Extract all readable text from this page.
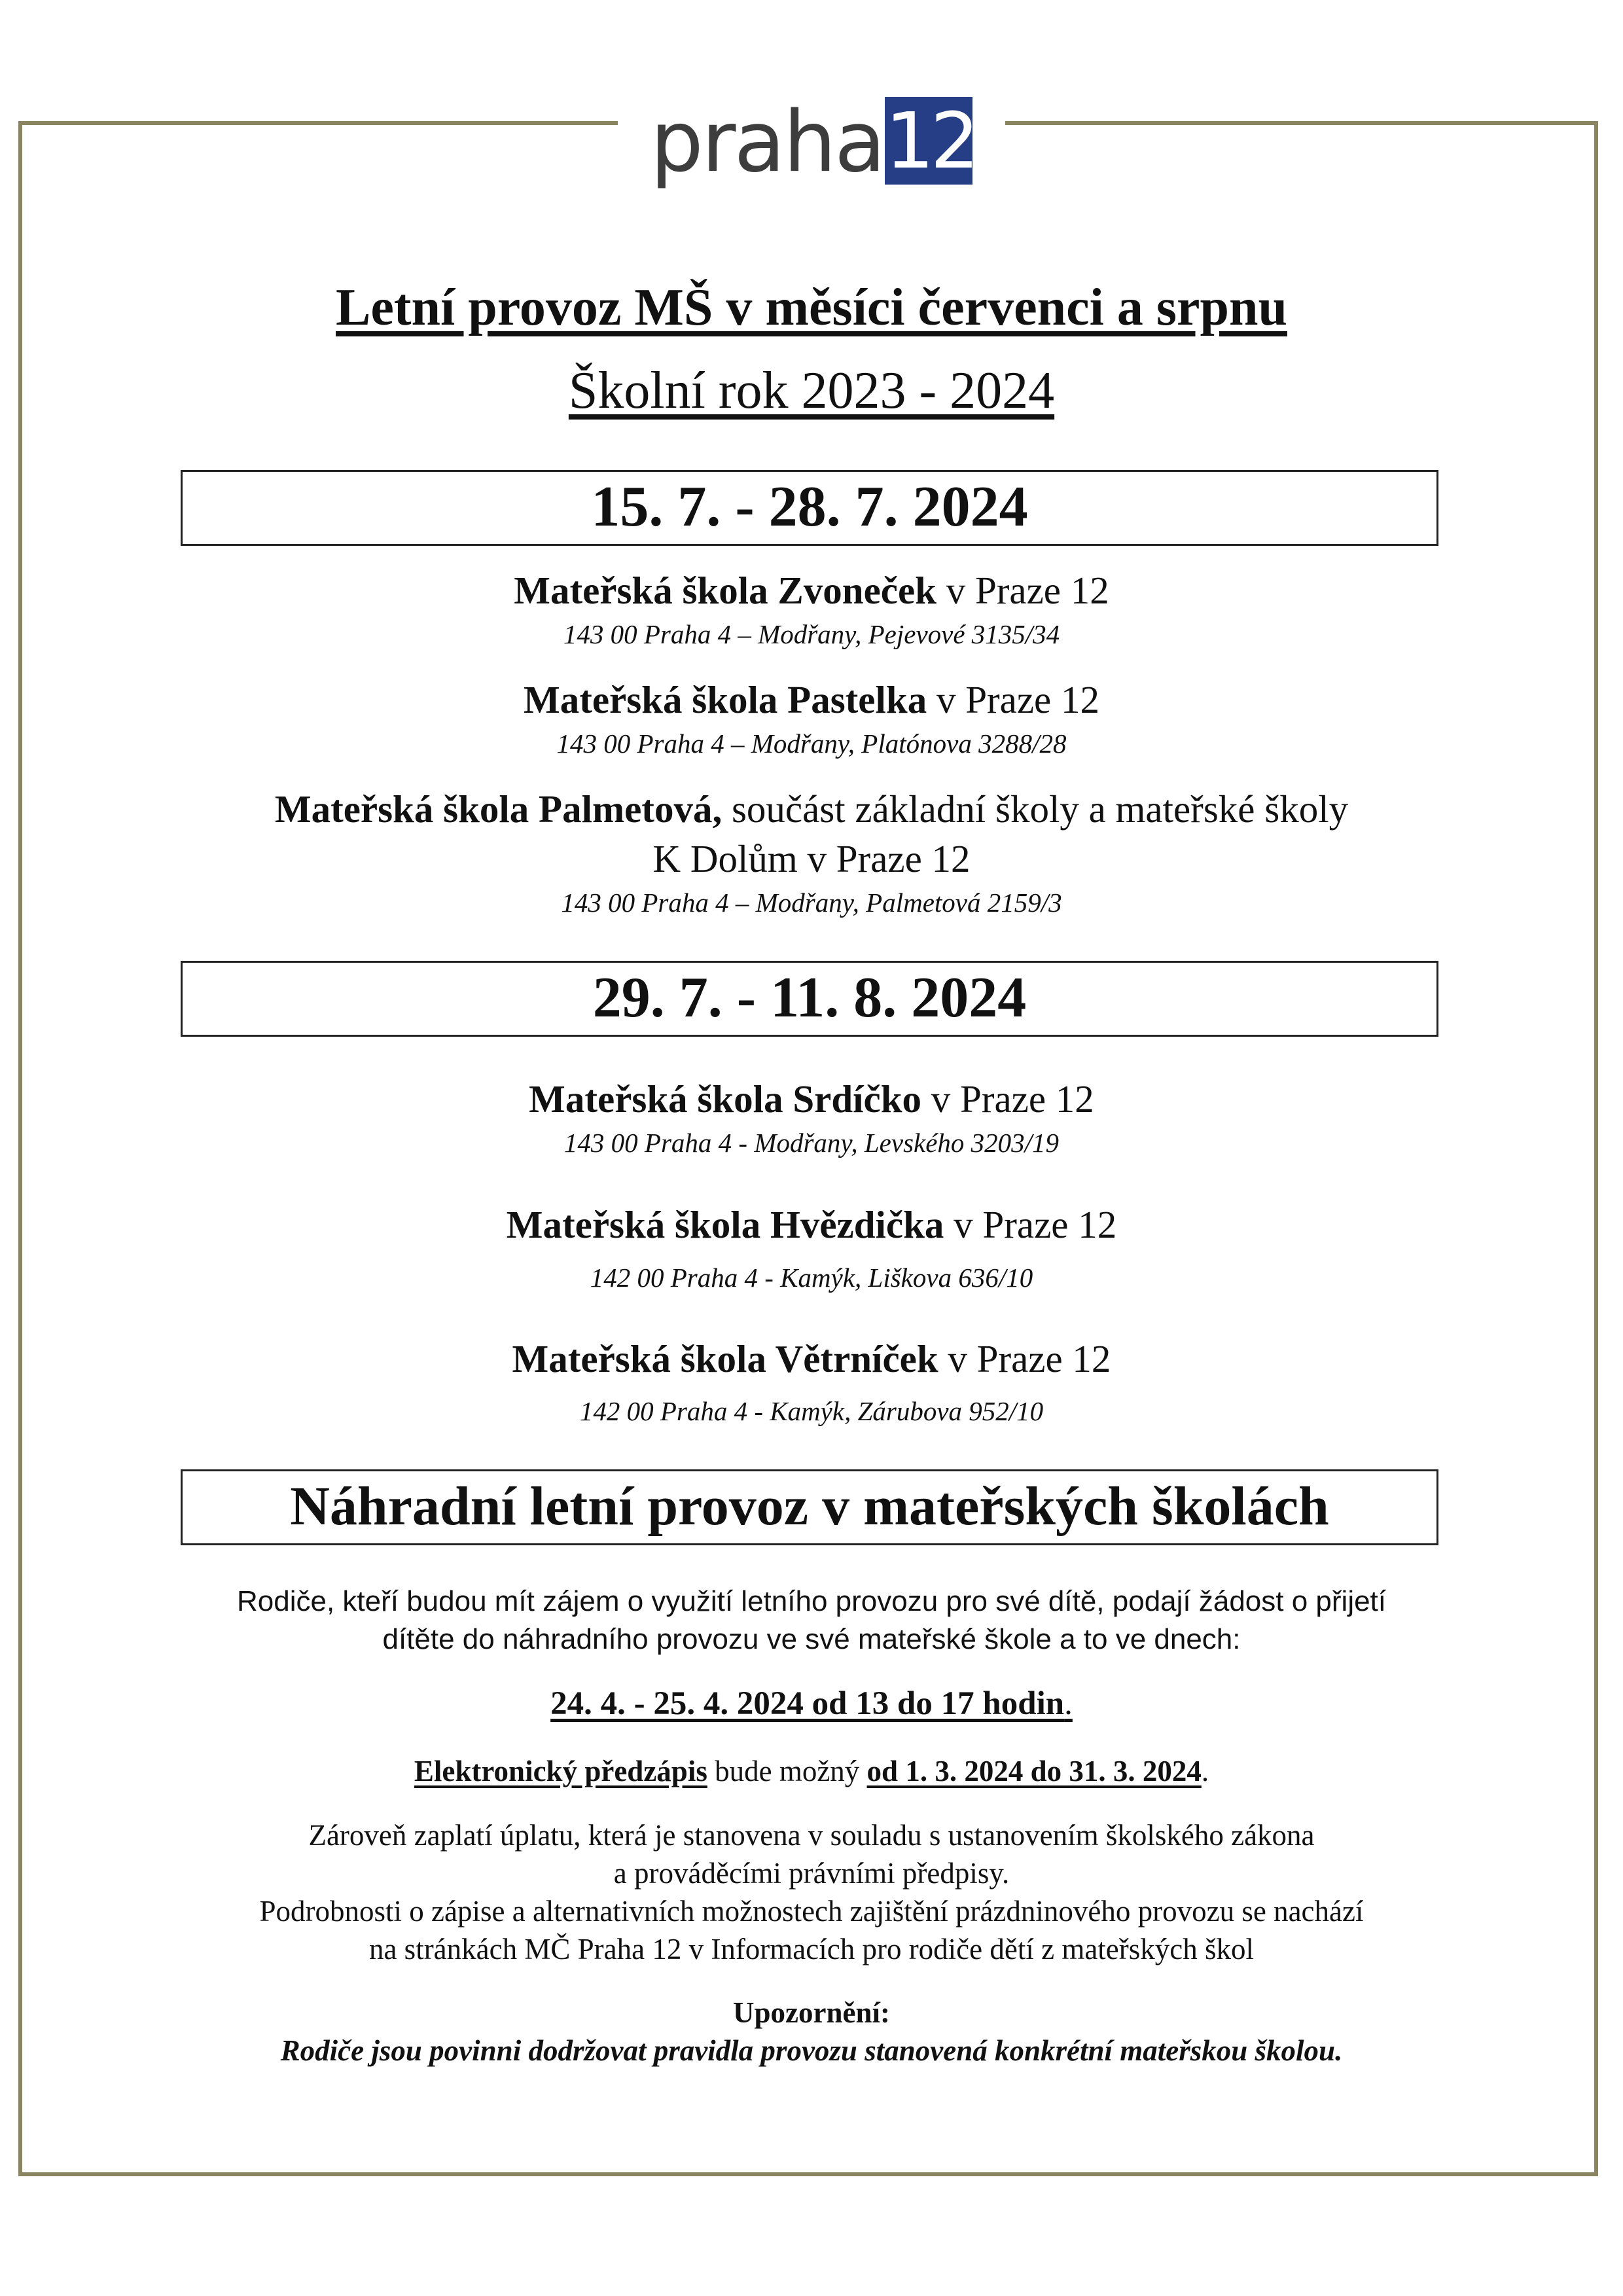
praha 12
Letní provoz MŠ v měsíci červenci a srpnu
Školní rok 2023 - 2024
15. 7. - 28. 7. 2024
Mateřská škola Zvoneček v Praze 12
143 00 Praha 4 – Modřany, Pejevové 3135/34
Mateřská škola Pastelka v Praze 12
143 00 Praha 4 – Modřany, Platónova 3288/28
Mateřská škola Palmetová, součást základní školy a mateřské školy
K Dolům v Praze 12
143 00 Praha 4 – Modřany, Palmetová 2159/3
29. 7. - 11. 8. 2024
Mateřská škola Srdíčko v Praze 12
143 00 Praha 4 - Modřany, Levského 3203/19
Mateřská škola Hvězdička v Praze 12
142 00 Praha 4 - Kamýk, Liškova 636/10
Mateřská škola Větrníček v Praze 12
142 00 Praha 4 - Kamýk, Zárubova 952/10
Náhradní letní provoz v mateřských školách
Rodiče, kteří budou mít zájem o využití letního provozu pro své dítě, podají žádost o přijetí
dítěte do náhradního provozu ve své mateřské škole a to ve dnech:
24. 4. - 25. 4. 2024 od 13 do 17 hodin.
Elektronický předzápis bude možný od 1. 3. 2024 do 31. 3. 2024.
Zároveň zaplatí úplatu, která je stanovena v souladu s ustanovením školského zákona
a prováděcími právními předpisy.
Podrobnosti o zápise a alternativních možnostech zajištění prázdninového provozu se nachází
na stránkách MČ Praha 12 v Informacích pro rodiče dětí z mateřských škol
Upozornění:
Rodiče jsou povinni dodržovat pravidla provozu stanovená konkrétní mateřskou školou.
